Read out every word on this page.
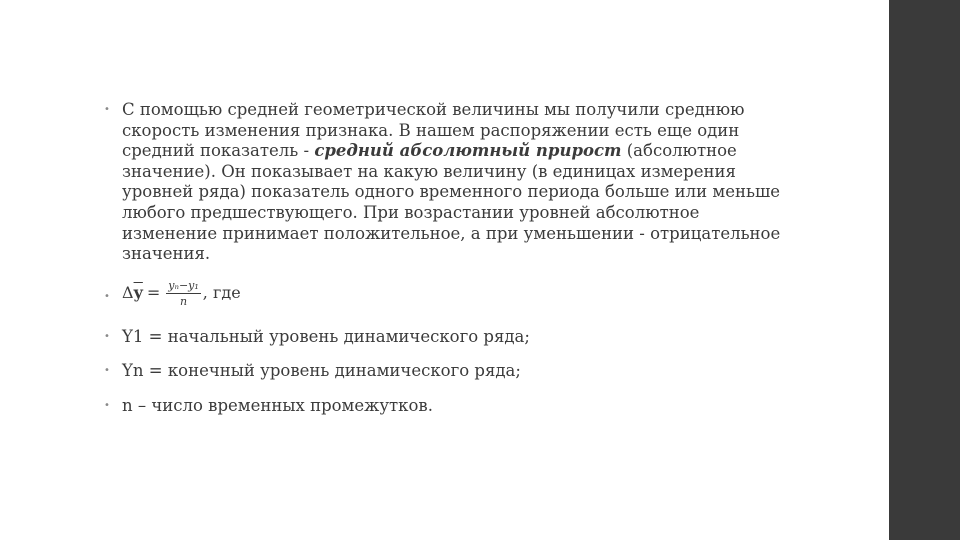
• С помощью средней геометрической величины мы получили среднюю скорость изменения признака. В нашем распоряжении есть еще один средний показатель - средний абсолютный прирост (абсолютное значение). Он показывает на какую величину (в единицах измерения уровней ряда) показатель одного временного периода больше или меньше любого предшествующего. При возрастании уровней абсолютное изменение принимает положительное, а при уменьшении - отрицательное значения.
• $\Delta\overline{y} = \frac{\text{yₙ−y₁}}{n}$ , где
• Y1 = начальный уровень динамического ряда;
• Yn = конечный уровень динамического ряда;
• n – число временных промежутков.
